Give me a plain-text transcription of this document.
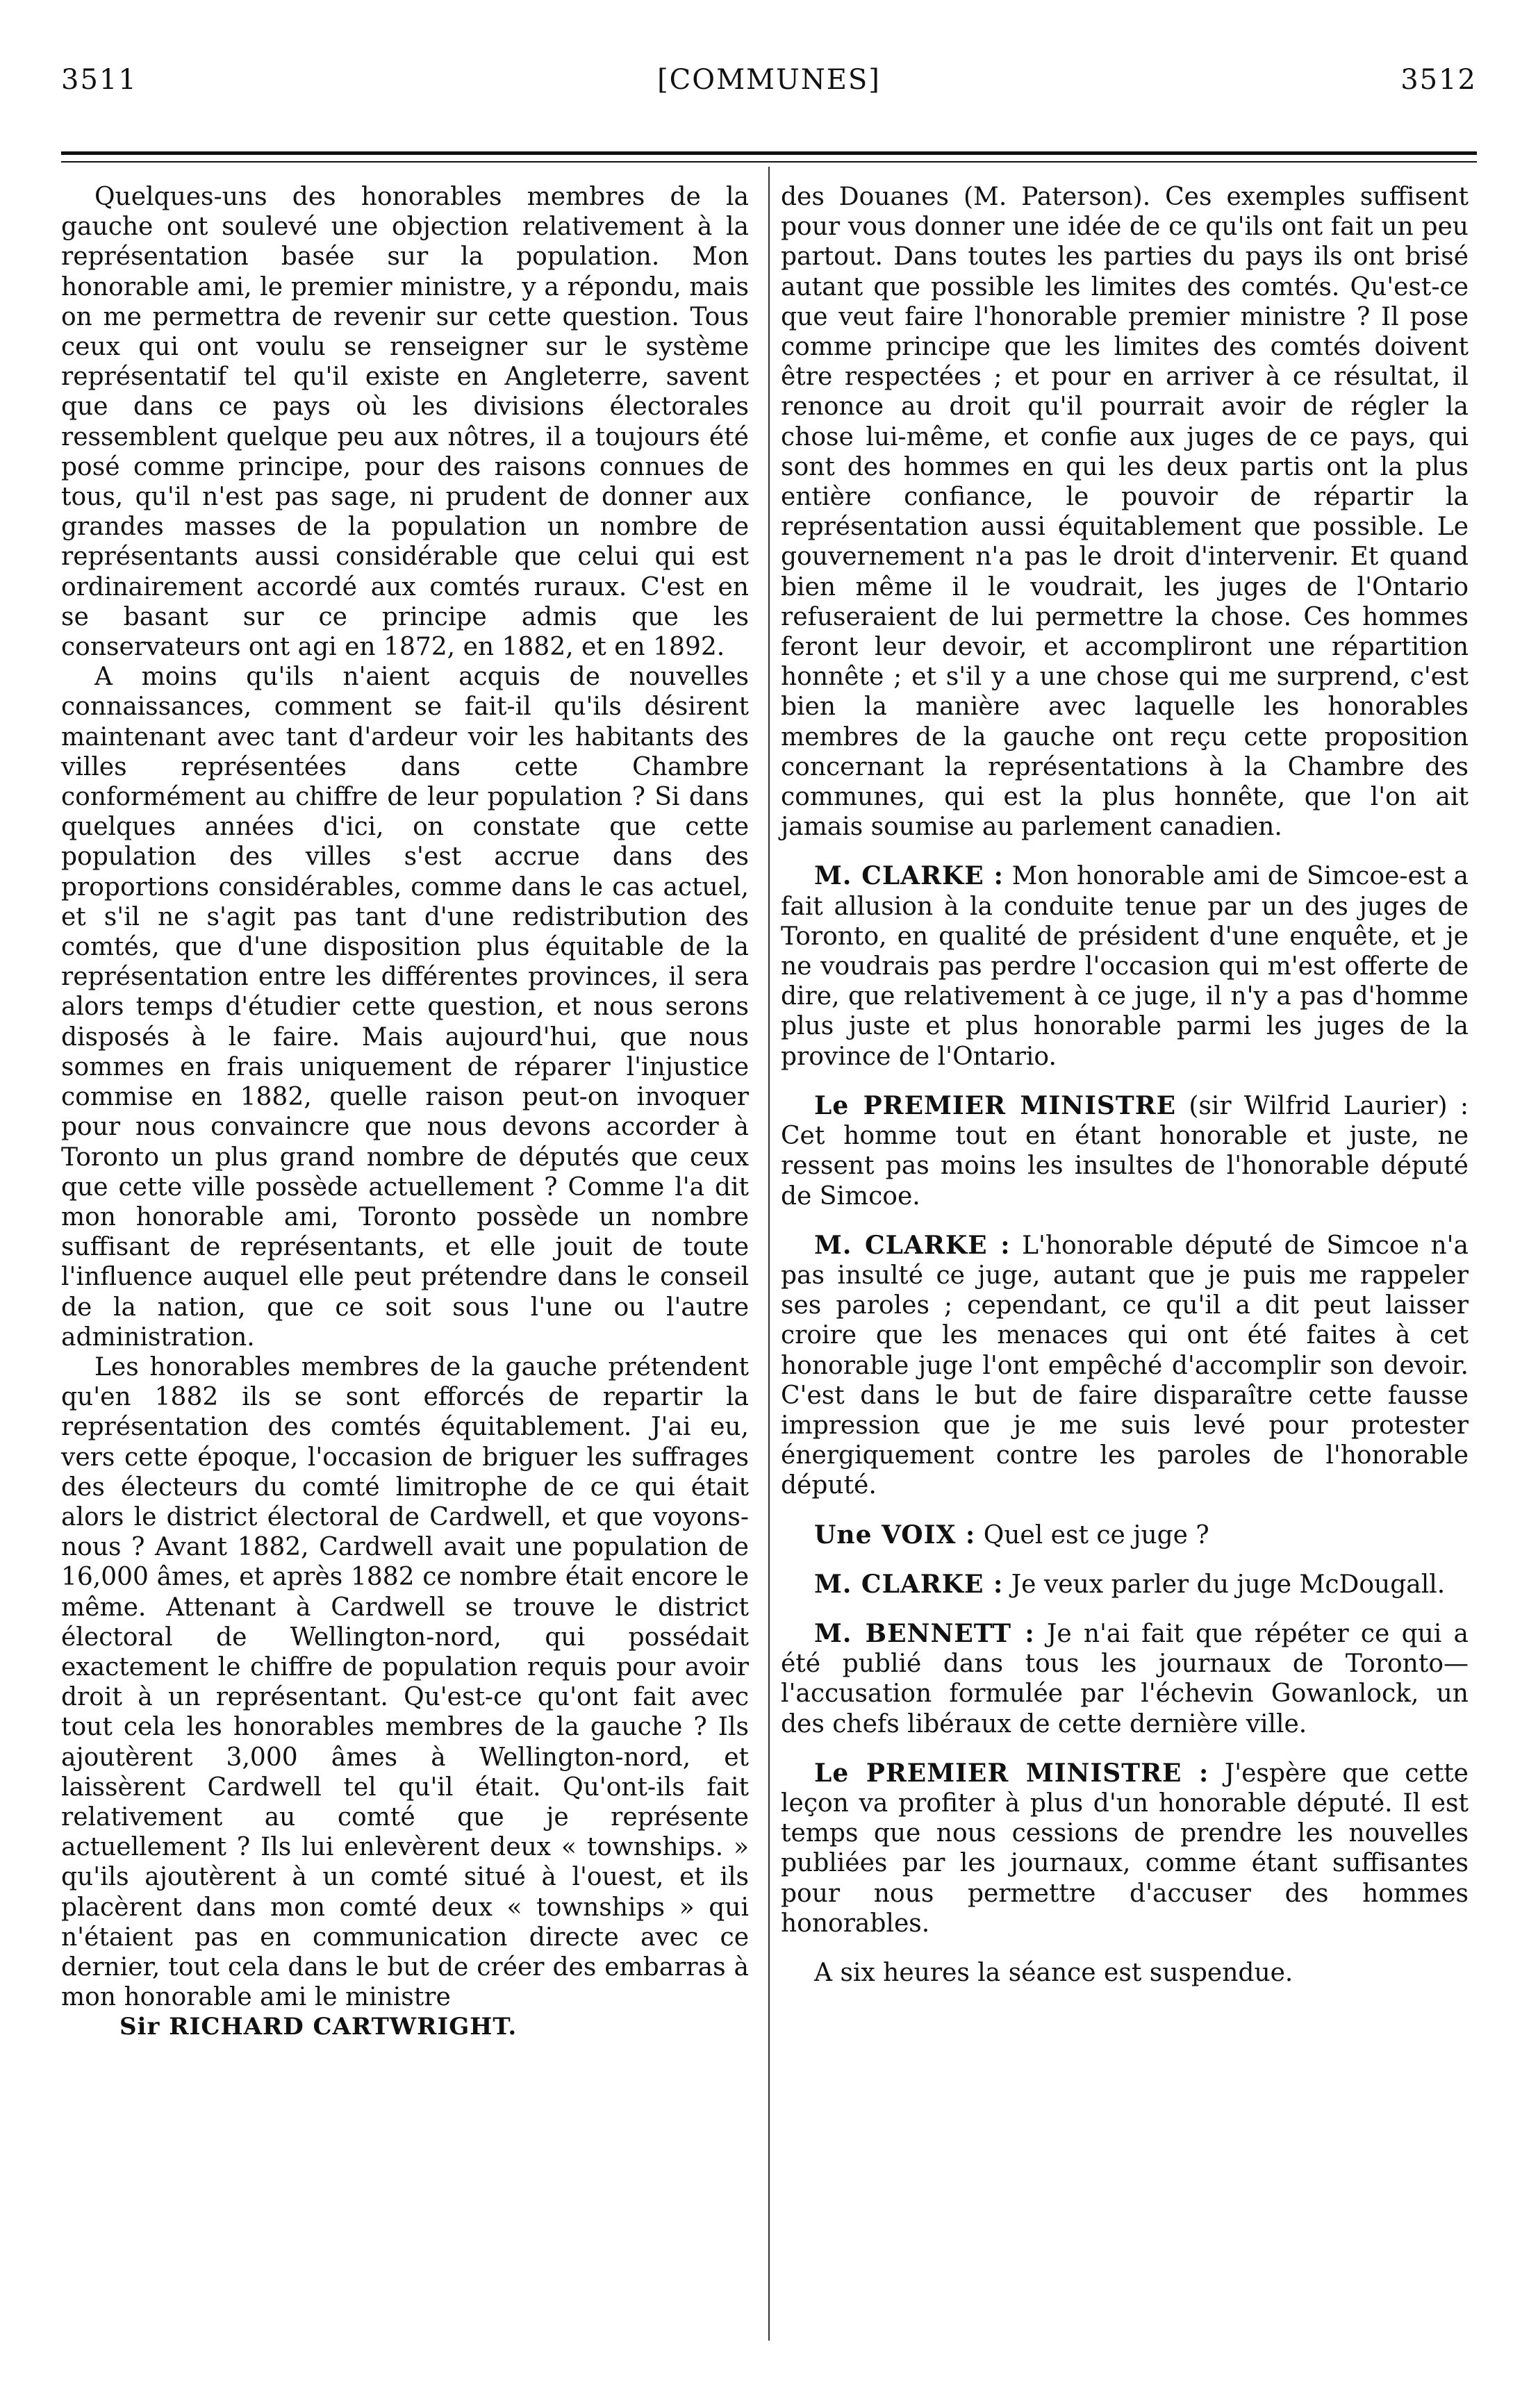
3511	[COMMUNES]	3512

Quelques-uns des honorables membres de la gauche ont soulevé une objection relativement à la représentation basée sur la population. Mon honorable ami, le premier ministre, y a répondu, mais on me permettra de revenir sur cette question. Tous ceux qui ont voulu se renseigner sur le système représentatif tel qu'il existe en Angleterre, savent que dans ce pays où les divisions électorales ressemblent quelque peu aux nôtres, il a toujours été posé comme principe, pour des raisons connues de tous, qu'il n'est pas sage, ni prudent de donner aux grandes masses de la population un nombre de représentants aussi considérable que celui qui est ordinairement accordé aux comtés ruraux. C'est en se basant sur ce principe admis que les conservateurs ont agi en 1872, en 1882, et en 1892.

A moins qu'ils n'aient acquis de nouvelles connaissances, comment se fait-il qu'ils désirent maintenant avec tant d'ardeur voir les habitants des villes représentées dans cette Chambre conformément au chiffre de leur population ? Si dans quelques années d'ici, on constate que cette population des villes s'est accrue dans des proportions considérables, comme dans le cas actuel, et s'il ne s'agit pas tant d'une redistribution des comtés, que d'une disposition plus équitable de la représentation entre les différentes provinces, il sera alors temps d'étudier cette question, et nous serons disposés à le faire. Mais aujourd'hui, que nous sommes en frais uniquement de réparer l'injustice commise en 1882, quelle raison peut-on invoquer pour nous convaincre que nous devons accorder à Toronto un plus grand nombre de députés que ceux que cette ville possède actuellement ? Comme l'a dit mon honorable ami, Toronto possède un nombre suffisant de représentants, et elle jouit de toute l'influence auquel elle peut prétendre dans le conseil de la nation, que ce soit sous l'une ou l'autre administration.

Les honorables membres de la gauche prétendent qu'en 1882 ils se sont efforcés de repartir la représentation des comtés équitablement. J'ai eu, vers cette époque, l'occasion de briguer les suffrages des électeurs du comté limitrophe de ce qui était alors le district électoral de Cardwell, et que voyons-nous ? Avant 1882, Cardwell avait une population de 16,000 âmes, et après 1882 ce nombre était encore le même. Attenant à Cardwell se trouve le district électoral de Wellington-nord, qui possédait exactement le chiffre de population requis pour avoir droit à un représentant. Qu'est-ce qu'ont fait avec tout cela les honorables membres de la gauche ? Ils ajoutèrent 3,000 âmes à Wellington-nord, et laissèrent Cardwell tel qu'il était. Qu'ont-ils fait relativement au comté que je représente actuellement ? Ils lui enlevèrent deux « townships. » qu'ils ajoutèrent à un comté situé à l'ouest, et ils placèrent dans mon comté deux « townships » qui n'étaient pas en communication directe avec ce dernier, tout cela dans le but de créer des embarras à mon honorable ami le ministre

Sir RICHARD CARTWRIGHT.

des Douanes (M. Paterson). Ces exemples suffisent pour vous donner une idée de ce qu'ils ont fait un peu partout. Dans toutes les parties du pays ils ont brisé autant que possible les limites des comtés. Qu'est-ce que veut faire l'honorable premier ministre ? Il pose comme principe que les limites des comtés doivent être respectées ; et pour en arriver à ce résultat, il renonce au droit qu'il pourrait avoir de régler la chose lui-même, et confie aux juges de ce pays, qui sont des hommes en qui les deux partis ont la plus entière confiance, le pouvoir de répartir la représentation aussi équitablement que possible. Le gouvernement n'a pas le droit d'intervenir. Et quand bien même il le voudrait, les juges de l'Ontario refuseraient de lui permettre la chose. Ces hommes feront leur devoir, et accompliront une répartition honnête ; et s'il y a une chose qui me surprend, c'est bien la manière avec laquelle les honorables membres de la gauche ont reçu cette proposition concernant la représentations à la Chambre des communes, qui est la plus honnête, que l'on ait jamais soumise au parlement canadien.

M. CLARKE : Mon honorable ami de Simcoe-est a fait allusion à la conduite tenue par un des juges de Toronto, en qualité de président d'une enquête, et je ne voudrais pas perdre l'occasion qui m'est offerte de dire, que relativement à ce juge, il n'y a pas d'homme plus juste et plus honorable parmi les juges de la province de l'Ontario.

Le PREMIER MINISTRE (sir Wilfrid Laurier) : Cet homme tout en étant honorable et juste, ne ressent pas moins les insultes de l'honorable député de Simcoe.

M. CLARKE : L'honorable député de Simcoe n'a pas insulté ce juge, autant que je puis me rappeler ses paroles ; cependant, ce qu'il a dit peut laisser croire que les menaces qui ont été faites à cet honorable juge l'ont empêché d'accomplir son devoir. C'est dans le but de faire disparaître cette fausse impression que je me suis levé pour protester énergiquement contre les paroles de l'honorable député.

Une VOIX : Quel est ce juge ?

M. CLARKE : Je veux parler du juge McDougall.

M. BENNETT : Je n'ai fait que répéter ce qui a été publié dans tous les journaux de Toronto—l'accusation formulée par l'échevin Gowanlock, un des chefs libéraux de cette dernière ville.

Le PREMIER MINISTRE : J'espère que cette leçon va profiter à plus d'un honorable député. Il est temps que nous cessions de prendre les nouvelles publiées par les journaux, comme étant suffisantes pour nous permettre d'accuser des hommes honorables.

A six heures la séance est suspendue.
